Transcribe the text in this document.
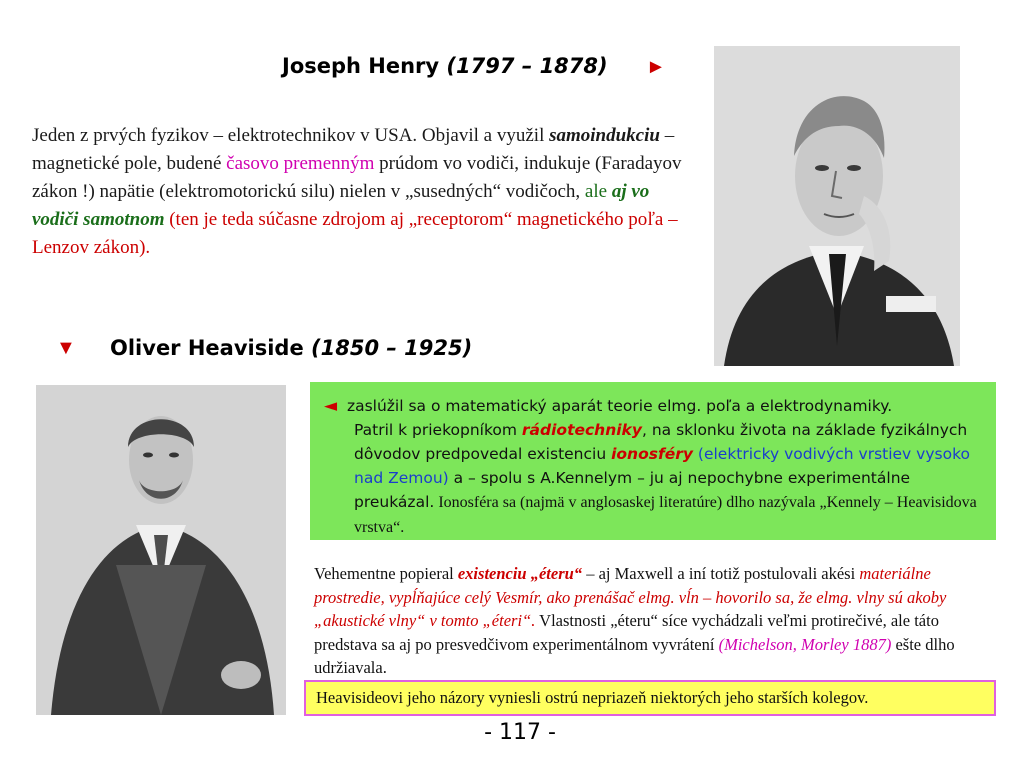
Joseph Henry (1797 – 1878) ►
Jeden z prvých fyzikov – elektrotechnikov v USA. Objavil a využil samoindukciu – magnetické pole, budené časovo premenným prúdom vo vodiči, indukuje (Faradayov zákon !) napätie (elektromotorickú silu) nielen v „susedných“ vodičoch, ale aj vo vodiči samotnom (ten je teda súčasne zdrojom aj „receptorom“ magnetického poľa – Lenzov zákon).
▼ Oliver Heaviside (1850 – 1925)
◄ zaslúžil sa o matematický aparát teorie elmg. poľa a elektrodynamiky.
Patril k priekopníkom rádiotechniky, na sklonku života na základe fyzikálnych dôvodov predpovedal existenciu ionosféry (elektricky vodivých vrstiev vysoko nad Zemou) a – spolu s A.Kennelym – ju aj nepochybne experimentálne preukázal. Ionosféra sa (najmä v anglosaskej literatúre) dlho nazývala „Kennely – Heavisidova vrstva“.
Vehementne popieral existenciu „éteru“ – aj Maxwell a iní totiž postulovali akési materiálne prostredie, vypĺňajúce celý Vesmír, ako prenášač elmg. vĺn – hovorilo sa, že elmg. vlny sú akoby „akustické vlny“ v tomto „éteri“. Vlastnosti „éteru“ síce vychádzali veľmi protirečivé, ale táto predstava sa aj po presvedčivom experimentálnom vyvrátení (Michelson, Morley 1887) ešte dlho udržiavala.
Heavisideovi jeho názory vyniesli ostrú nepriazeň niektorých jeho starších kolegov.
- 117 -
